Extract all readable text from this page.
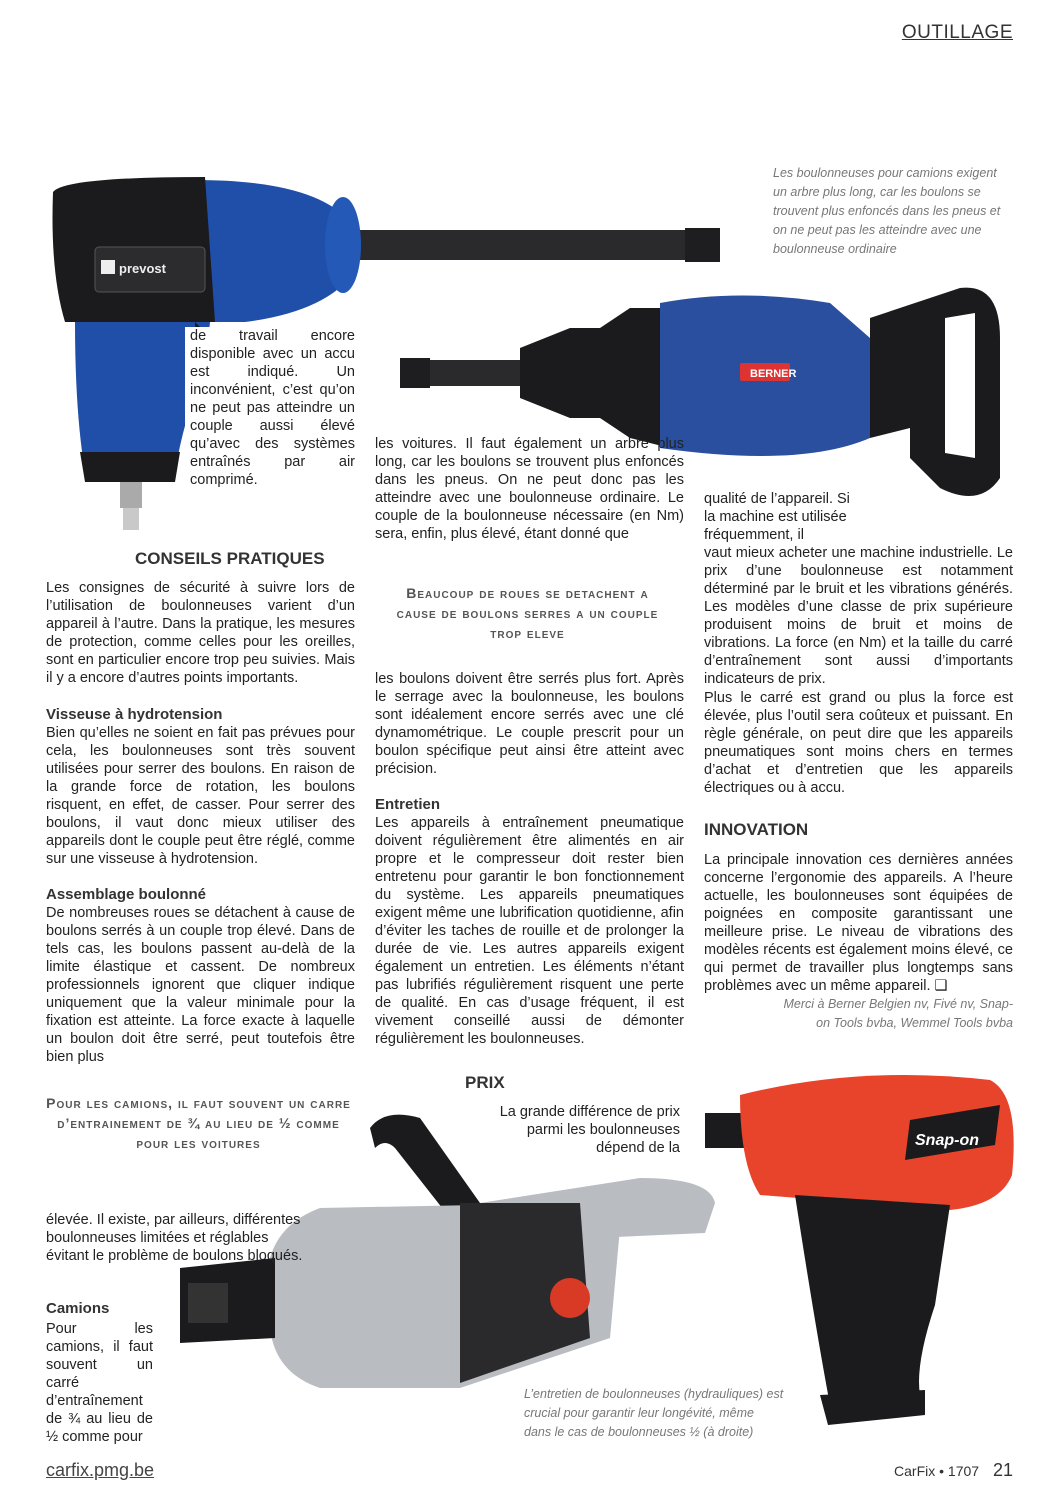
OUTILLAGE
prevost
BERNER
Snap-on
Les boulonneuses pour camions exigent un arbre plus long, car les boulons se trouvent plus enfoncés dans les pneus et on ne peut pas les atteindre avec une boulonneuse ordinaire
L’entretien de boulonneuses (hydrauliques) est crucial pour garantir leur longévité, même dans le cas de boulonneuses ½ (à droite)

de travail encore disponible avec un accu est indiqué. Un inconvénient, c’est qu’on ne peut pas atteindre un couple aussi élevé qu’avec des systèmes entraînés par air comprimé.

CONSEILS PRATIQUES

Les consignes de sécurité à suivre lors de l’utilisation de boulonneuses varient d’un appareil à l’autre. Dans la pratique, les mesures de protection, comme celles pour les oreilles, sont en particulier encore trop peu suivies. Mais il y a encore d’autres points importants.

Visseuse à hydrotension

Bien qu’elles ne soient en fait pas prévues pour cela, les boulonneuses sont très souvent utilisées pour serrer des boulons. En raison de la grande force de rotation, les boulons risquent, en effet, de casser. Pour serrer des boulons, il vaut donc mieux utiliser des appareils dont le couple peut être réglé, comme sur une visseuse à hydrotension.

Assemblage boulonné

De nombreuses roues se détachent à cause de boulons serrés à un couple trop élevé. Dans de tels cas, les boulons passent au-delà de la limite élastique et cassent. De nombreux professionnels ignorent que cliquer indique uniquement que la valeur minimale pour la fixation est atteinte. La force exacte à laquelle un boulon doit être serré, peut toutefois être bien plus

Pour les camions, il faut souvent un carre d’entrainement de ¾ au lieu de ½ comme pour les voitures

élevée. Il existe, par ailleurs, différentes boulonneuses limitées et réglables évitant le problème de boulons bloqués.

Camions

Pour les camions, il faut souvent un carré d’entraînement de ¾ au lieu de ½ comme pour

les voitures. Il faut également un arbre plus long, car les boulons se trouvent plus enfoncés dans les pneus. On ne peut donc pas les atteindre avec une boulonneuse ordinaire. Le couple de la boulonneuse nécessaire (en Nm) sera, enfin, plus élevé, étant donné que

Beaucoup de roues se detachent a cause de boulons serres a un couple trop eleve

les boulons doivent être serrés plus fort. Après le serrage avec la boulonneuse, les boulons sont idéalement encore serrés avec une clé dynamométrique. Le couple prescrit pour un boulon spécifique peut ainsi être atteint avec précision.

Entretien

Les appareils à entraînement pneumatique doivent régulièrement être alimentés en air propre et le compresseur doit rester bien entretenu pour garantir le bon fonctionnement du système. Les appareils pneumatiques exigent même une lubrification quotidienne, afin d’éviter les taches de rouille et de prolonger la durée de vie. Les autres appareils exigent également un entretien. Les éléments n’étant pas lubrifiés régulièrement risquent une perte de qualité. En cas d’usage fréquent, il est vivement conseillé aussi de démonter régulièrement les boulonneuses.

PRIX

La grande différence de prix parmi les boulonneuses dépend de la

qualité de l’appareil. Si la machine est utilisée fréquemment, il

vaut mieux acheter une machine industrielle. Le prix d’une boulonneuse est notamment déterminé par le bruit et les vibrations générés. Les modèles d’une classe de prix supérieure produisent moins de bruit et moins de vibrations. La force (en Nm) et la taille du carré d’entraînement sont aussi d’importants indicateurs de prix.

Plus le carré est grand ou plus la force est élevée, plus l’outil sera coûteux et puissant. En règle générale, on peut dire que les appareils pneumatiques sont moins chers en termes d’achat et d’entretien que les appareils électriques ou à accu.

INNOVATION

La principale innovation ces dernières années concerne l’ergonomie des appareils. A l’heure actuelle, les boulonneuses sont équipées de poignées en composite garantissant une meilleure prise. Le niveau de vibrations des modèles récents est également moins élevé, ce qui permet de travailler plus longtemps sans problèmes avec un même appareil. ❑

Merci à Berner Belgien nv, Fivé nv, Snap-on Tools bvba, Wemmel Tools bvba
carfix.pmg.be	CarFix • 1707 21
